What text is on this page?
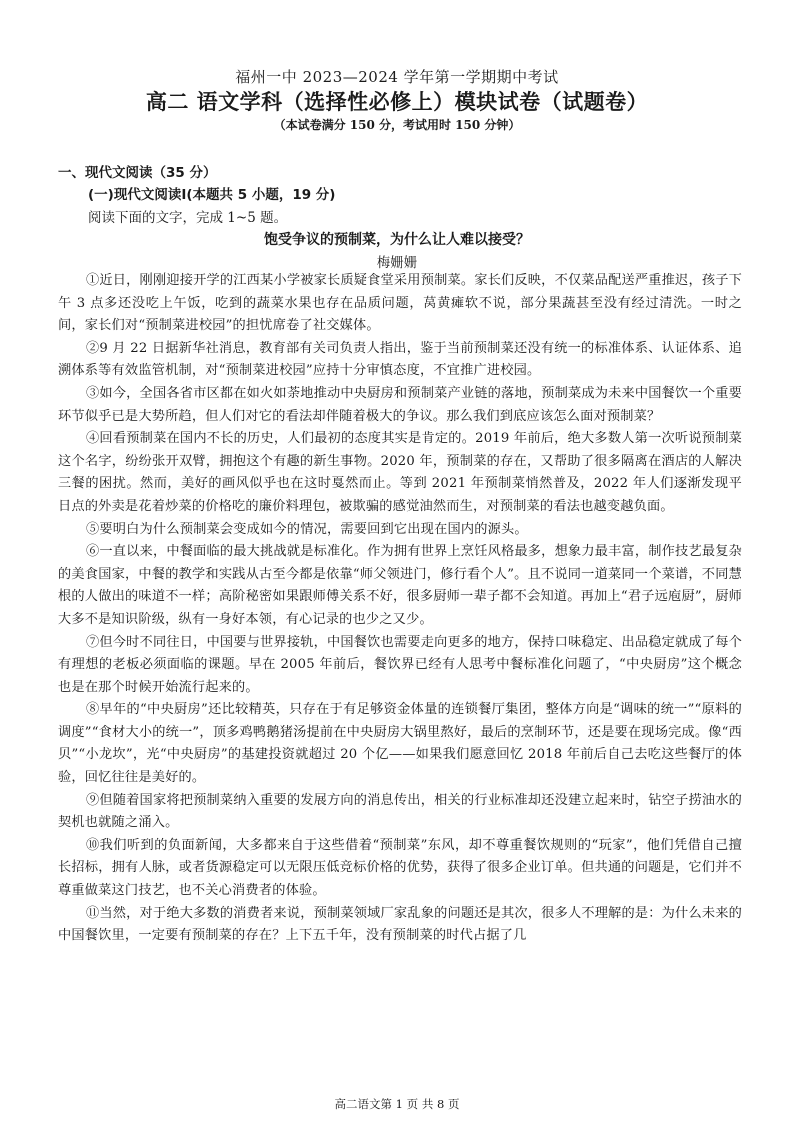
福州一中 2023—2024 学年第一学期期中考试
高二 语文学科（选择性必修上）模块试卷（试题卷）
（本试卷满分 150 分，考试用时 150 分钟）
一、现代文阅读（35 分）
(一)现代文阅读Ⅰ(本题共 5 小题，19 分)
阅读下面的文字，完成 1~5 题。
饱受争议的预制菜，为什么让人难以接受？
梅姗姗

①近日，刚刚迎接开学的江西某小学被家长质疑食堂采用预制菜。家长们反映，不仅菜品配送严重推迟，孩子下午 3 点多还没吃上午饭，吃到的蔬菜水果也存在品质问题，莴黄瘫软不说，部分果蔬甚至没有经过清洗。一时之间，家长们对“预制菜进校园”的担忧席卷了社交媒体。

②9 月 22 日据新华社消息，教育部有关司负责人指出，鉴于当前预制菜还没有统一的标准体系、认证体系、追溯体系等有效监管机制，对“预制菜进校园”应持十分审慎态度，不宜推广进校园。

③如今，全国各省市区都在如火如荼地推动中央厨房和预制菜产业链的落地，预制菜成为未来中国餐饮一个重要环节似乎已是大势所趋，但人们对它的看法却伴随着极大的争议。那么我们到底应该怎么面对预制菜？

④回看预制菜在国内不长的历史，人们最初的态度其实是肯定的。2019 年前后，绝大多数人第一次听说预制菜这个名字，纷纷张开双臂，拥抱这个有趣的新生事物。2020 年，预制菜的存在，又帮助了很多隔离在酒店的人解决三餐的困扰。然而，美好的画风似乎也在这时戛然而止。等到 2021 年预制菜悄然普及，2022 年人们逐渐发现平日点的外卖是花着炒菜的价格吃的廉价料理包，被欺骗的感觉油然而生，对预制菜的看法也越变越负面。

⑤要明白为什么预制菜会变成如今的情况，需要回到它出现在国内的源头。

⑥一直以来，中餐面临的最大挑战就是标准化。作为拥有世界上烹饪风格最多，想象力最丰富，制作技艺最复杂的美食国家，中餐的教学和实践从古至今都是依靠“师父领进门，修行看个人”。且不说同一道菜同一个菜谱，不同慧根的人做出的味道不一样；高阶秘密如果跟师傅关系不好，很多厨师一辈子都不会知道。再加上“君子远庖厨”，厨师大多不是知识阶级，纵有一身好本领，有心记录的也少之又少。

⑦但今时不同往日，中国要与世界接轨，中国餐饮也需要走向更多的地方，保持口味稳定、出品稳定就成了每个有理想的老板必须面临的课题。早在 2005 年前后，餐饮界已经有人思考中餐标准化问题了，“中央厨房”这个概念也是在那个时候开始流行起来的。

⑧早年的“中央厨房”还比较精英，只存在于有足够资金体量的连锁餐厅集团，整体方向是“调味的统一”“原料的调度”“食材大小的统一”，顶多鸡鸭鹅猪汤提前在中央厨房大锅里熬好，最后的烹制环节，还是要在现场完成。像“西贝”“小龙坎”，光“中央厨房”的基建投资就超过 20 个亿——如果我们愿意回忆 2018 年前后自己去吃这些餐厅的体验，回忆往往是美好的。

⑨但随着国家将把预制菜纳入重要的发展方向的消息传出，相关的行业标准却还没建立起来时，钻空子捞油水的契机也就随之涌入。

⑩我们听到的负面新闻，大多都来自于这些借着“预制菜”东风，却不尊重餐饮规则的“玩家”，他们凭借自己擅长招标，拥有人脉，或者货源稳定可以无限压低竞标价格的优势，获得了很多企业订单。但共通的问题是，它们并不尊重做菜这门技艺，也不关心消费者的体验。

⑪当然，对于绝大多数的消费者来说，预制菜领域厂家乱象的问题还是其次，很多人不理解的是：为什么未来的中国餐饮里，一定要有预制菜的存在？上下五千年，没有预制菜的时代占据了几

高二语文第 1 页 共 8 页
